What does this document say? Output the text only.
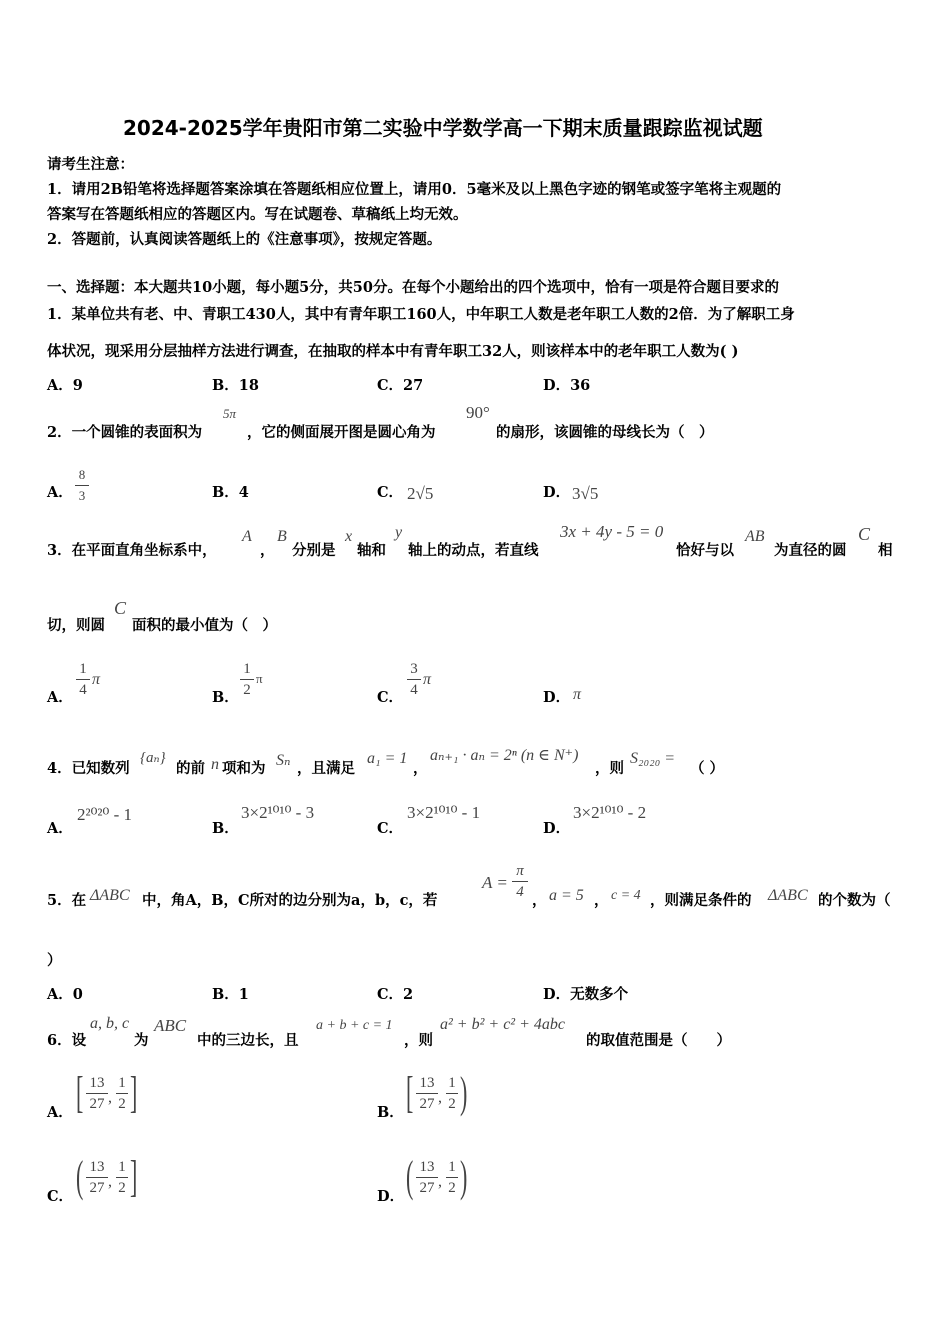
2024-2025学年贵阳市第二实验中学数学高一下期末质量跟踪监视试题
请考生注意：
1．请用2B铅笔将选择题答案涂填在答题纸相应位置上，请用0．5毫米及以上黑色字迹的钢笔或签字笔将主观题的
答案写在答题纸相应的答题区内。写在试题卷、草稿纸上均无效。
2．答题前，认真阅读答题纸上的《注意事项》，按规定答题。
一、选择题：本大题共10小题，每小题5分，共50分。在每个小题给出的四个选项中，恰有一项是符合题目要求的
1．某单位共有老、中、青职工430人，其中有青年职工160人，中年职工人数是老年职工人数的2倍．为了解职工身
体状况，现采用分层抽样方法进行调查，在抽取的样本中有青年职工32人，则该样本中的老年职工人数为( )
A．9	B．18	C．27	D．36
2．一个圆锥的表面积为
5π
，它的侧面展开图是圆心角为
90°
的扇形，该圆锥的母线长为（　）
A．
8
3	B．4	C． 2√5	D． 3√5
3．在平面直角坐标系中，
A
，
B
分别是
x
轴和
y
轴上的动点，若直线
3x + 4y - 5 = 0
恰好与以
AB
为直径的圆
C
相
切，则圆
C
面积的最小值为（　）
A．
1
4
π
B．
1
2
π
C．
3
4
π
D． π
4．已知数列
{aₙ}
的前 n 项和为 Sₙ ，且满足
a₁ = 1
，
aₙ₊₁ · aₙ = 2ⁿ (n ∈ N⁺)
，则
S₂₀₂₀ =
（ ）
A．
2²⁰²⁰ - 1
B．
3×2¹⁰¹⁰ - 3
C．
3×2¹⁰¹⁰ - 1
D．
3×2¹⁰¹⁰ - 2
5．在 ΔABC 中，角A，B，C所对的边分别为a，b，c，若
A =
π
4 ， a = 5 ， c = 4 ，则满足条件的 ΔABC 的个数为（
）
A．0	B．1	C．2	D．无数多个
6．设
a, b, c
为
ABC
中的三边长，且
a + b + c = 1
，则
a² + b² + c² + 4abc
的取值范围是（　　）
A． [ 13
27 ,
1
2 ]	B． [ 13
27 ,
1
2 )
C． ( 13
27 ,
1
2 ]	D． ( 13
27 ,
1
2 )
